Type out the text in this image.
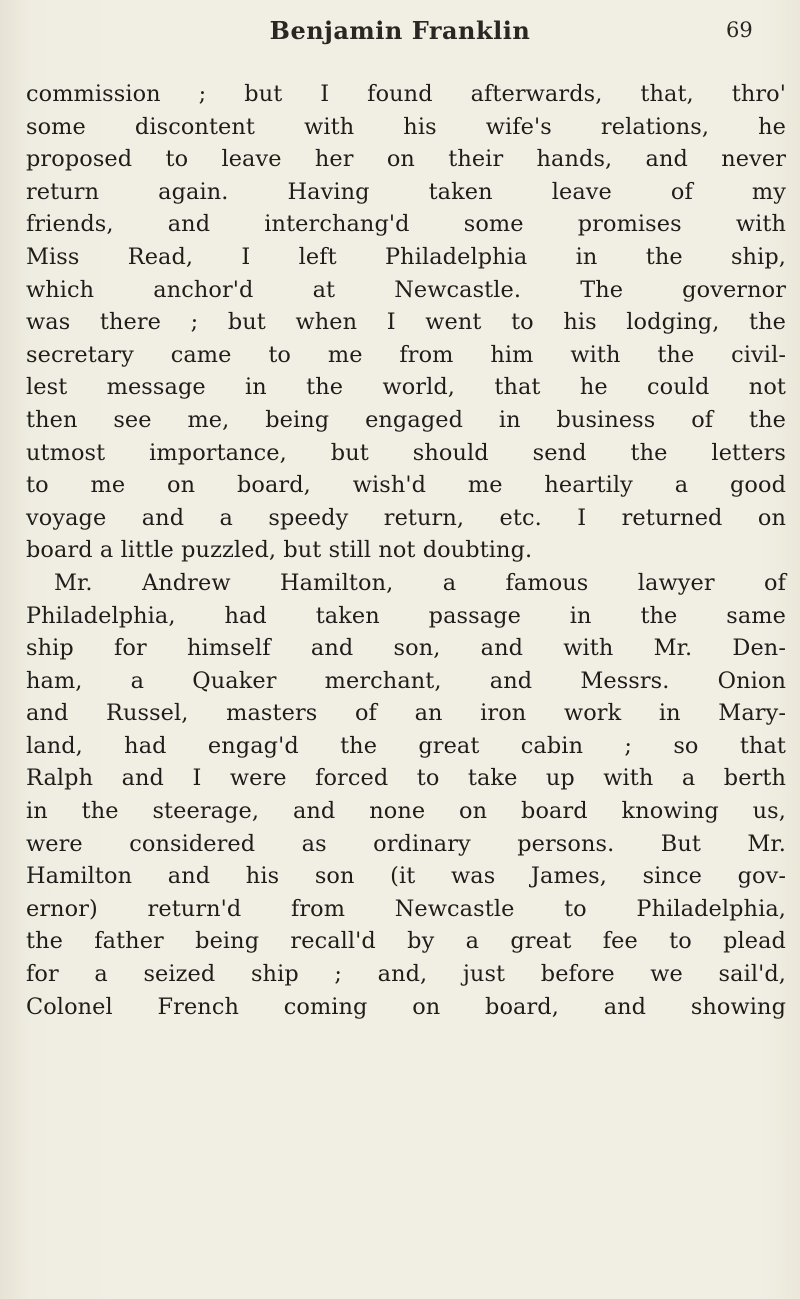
Benjamin Franklin	69
commission ; but I found afterwards, that, thro'
some discontent with his wife's relations, he
proposed to leave her on their hands, and never
return again. Having taken leave of my
friends, and interchang'd some promises with
Miss Read, I left Philadelphia in the ship,
which anchor'd at Newcastle. The governor
was there ; but when I went to his lodging, the
secretary came to me from him with the civil-
lest message in the world, that he could not
then see me, being engaged in business of the
utmost importance, but should send the letters
to me on board, wish'd me heartily a good
voyage and a speedy return, etc. I returned on
board a little puzzled, but still not doubting.
Mr. Andrew Hamilton, a famous lawyer of
Philadelphia, had taken passage in the same
ship for himself and son, and with Mr. Den-
ham, a Quaker merchant, and Messrs. Onion
and Russel, masters of an iron work in Mary-
land, had engag'd the great cabin ; so that
Ralph and I were forced to take up with a berth
in the steerage, and none on board knowing us,
were considered as ordinary persons. But Mr.
Hamilton and his son (it was James, since gov-
ernor) return'd from Newcastle to Philadelphia,
the father being recall'd by a great fee to plead
for a seized ship ; and, just before we sail'd,
Colonel French coming on board, and showing
